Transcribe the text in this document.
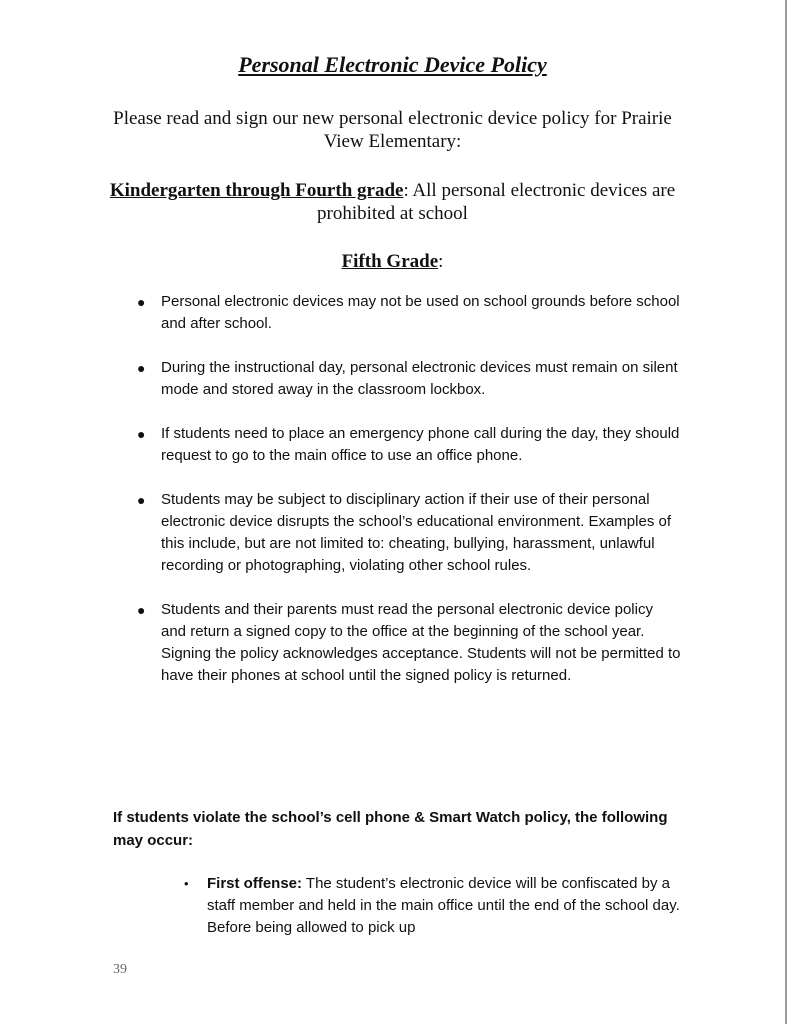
Personal Electronic Device Policy
Please read and sign our new personal electronic device policy for Prairie View Elementary:
Kindergarten through Fourth grade: All personal electronic devices are prohibited at school
Fifth Grade:
● Personal electronic devices may not be used on school grounds before school and after school.
● During the instructional day, personal electronic devices must remain on silent mode and stored away in the classroom lockbox.
● If students need to place an emergency phone call during the day, they should request to go to the main office to use an office phone.
● Students may be subject to disciplinary action if their use of their personal electronic device disrupts the school’s educational environment. Examples of this include, but are not limited to: cheating, bullying, harassment, unlawful recording or photographing, violating other school rules.
● Students and their parents must read the personal electronic device policy and return a signed copy to the office at the beginning of the school year. Signing the policy acknowledges acceptance. Students will not be permitted to have their phones at school until the signed policy is returned.
If students violate the school’s cell phone & Smart Watch policy, the following may occur:
•	First offense: The student’s electronic device will be confiscated by a staff member and held in the main office until the end of the school day. Before being allowed to pick up
39
